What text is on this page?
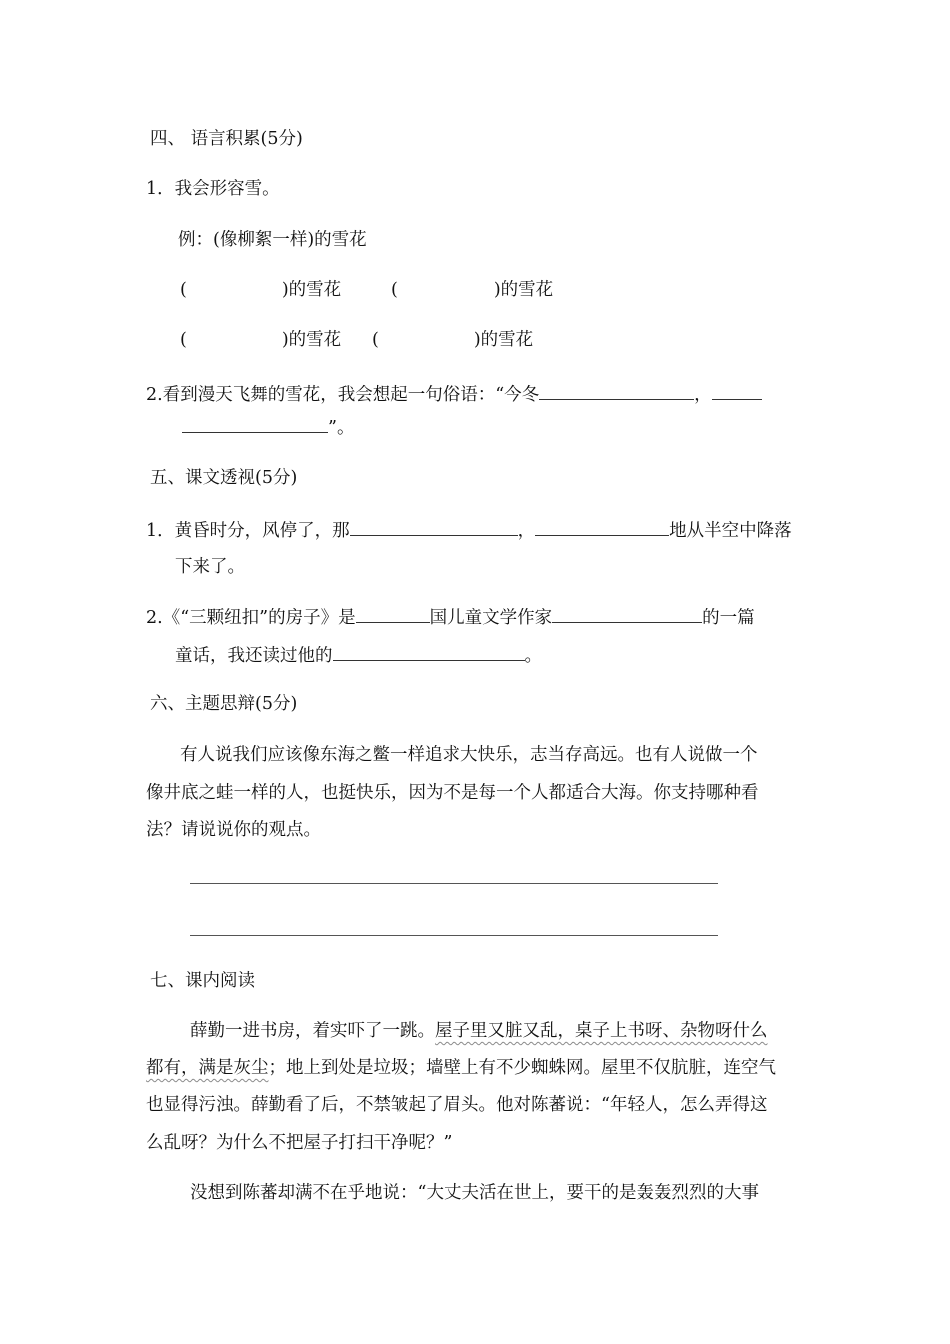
四、 语言积累(5分)
1．我会形容雪。
例：(像柳絮一样)的雪花
(	)的雪花	(	)的雪花
(	)的雪花 (	)的雪花
2.看到漫天飞舞的雪花，我会想起一句俗语：“今冬	，
”。
五、课文透视(5分)
1．黄昏时分，风停了，那	，	地从半空中降落
下来了。
2.《“三颗纽扣”的房子》是	国儿童文学作家	的一篇
童话，我还读过他的	。
六、主题思辩(5分)
有人说我们应该像东海之鳖一样追求大快乐，志当存高远。也有人说做一个
像井底之蛙一样的人，也挺快乐，因为不是每一个人都适合大海。你支持哪种看
法？请说说你的观点。
七、课内阅读
薛勤一进书房，着实吓了一跳。屋子里又脏又乱，桌子上书呀、杂物呀什么
都有，满是灰尘；地上到处是垃圾；墙壁上有不少蜘蛛网。屋里不仅肮脏，连空气
也显得污浊。薛勤看了后，不禁皱起了眉头。他对陈蕃说：“年轻人，怎么弄得这
么乱呀？为什么不把屋子打扫干净呢？”
没想到陈蕃却满不在乎地说：“大丈夫活在世上，要干的是轰轰烈烈的大事
